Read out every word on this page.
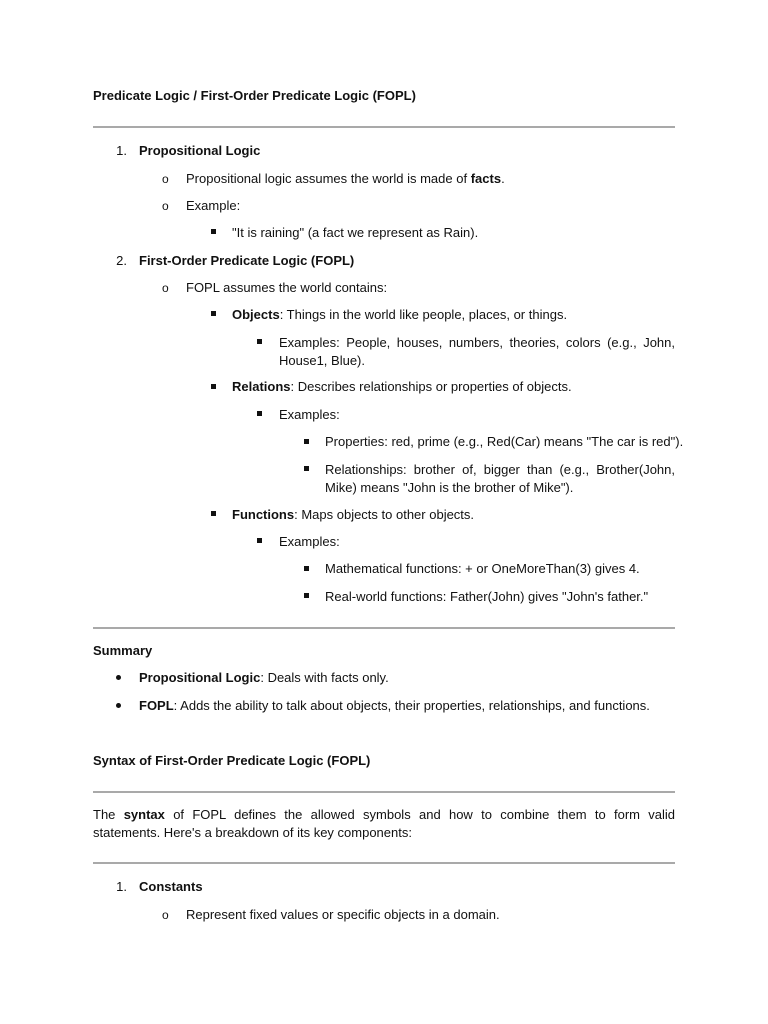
Predicate Logic / First-Order Predicate Logic (FOPL)
1. Propositional Logic
o Propositional logic assumes the world is made of facts.
o Example:
"It is raining" (a fact we represent as Rain).
2. First-Order Predicate Logic (FOPL)
o FOPL assumes the world contains:
Objects: Things in the world like people, places, or things.
Examples: People, houses, numbers, theories, colors (e.g., John, House1, Blue).
Relations: Describes relationships or properties of objects.
Examples:
Properties: red, prime (e.g., Red(Car) means "The car is red").
Relationships: brother of, bigger than (e.g., Brother(John, Mike) means "John is the brother of Mike").
Functions: Maps objects to other objects.
Examples:
Mathematical functions: + or OneMoreThan(3) gives 4.
Real-world functions: Father(John) gives "John's father."
Summary
Propositional Logic: Deals with facts only.
FOPL: Adds the ability to talk about objects, their properties, relationships, and functions.
Syntax of First-Order Predicate Logic (FOPL)
The syntax of FOPL defines the allowed symbols and how to combine them to form valid statements. Here's a breakdown of its key components:
1. Constants
o Represent fixed values or specific objects in a domain.
